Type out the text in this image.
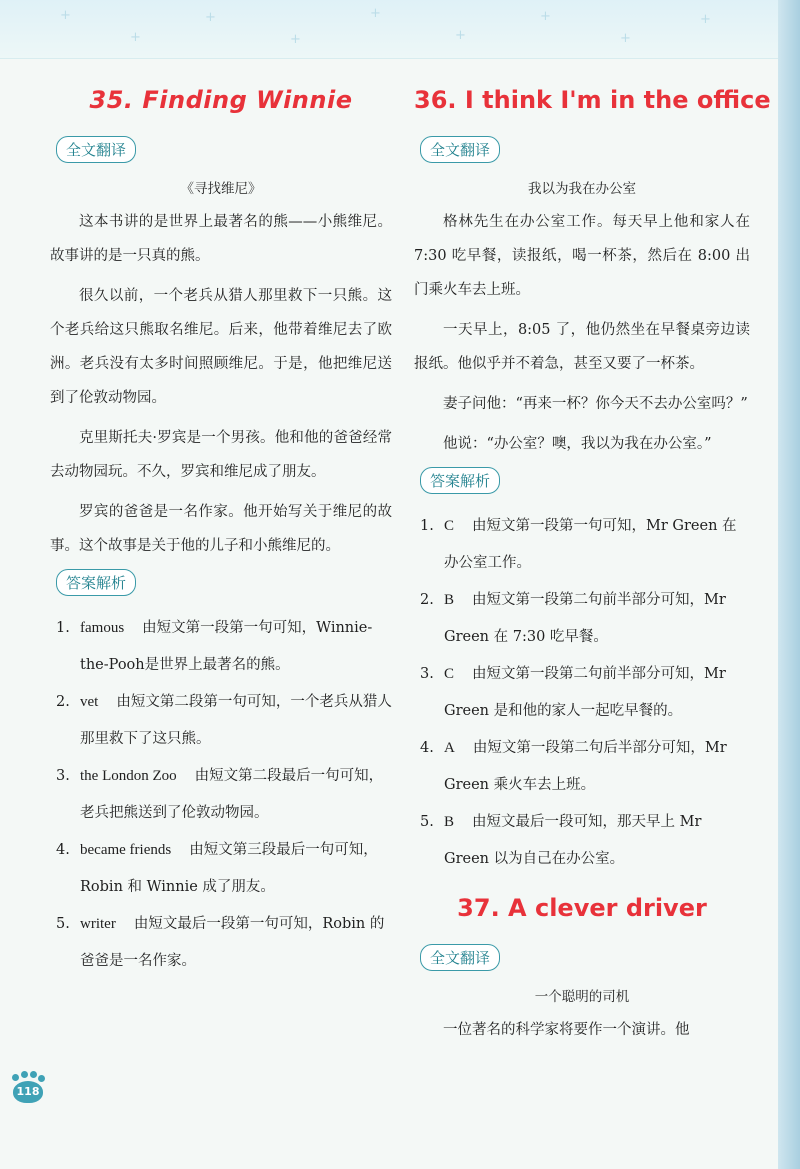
+
+
+
+
+
+
+
+
+
35. Finding Winnie
全文翻译
《寻找维尼》

这本书讲的是世界上最著名的熊——小熊维尼。故事讲的是一只真的熊。

很久以前，一个老兵从猎人那里救下一只熊。这个老兵给这只熊取名维尼。后来，他带着维尼去了欧洲。老兵没有太多时间照顾维尼。于是，他把维尼送到了伦敦动物园。

克里斯托夫·罗宾是一个男孩。他和他的爸爸经常去动物园玩。不久，罗宾和维尼成了朋友。

罗宾的爸爸是一名作家。他开始写关于维尼的故事。这个故事是关于他的儿子和小熊维尼的。

答案解析
1. famous 由短文第一段第一句可知，Winnie-the-Pooh是世界上最著名的熊。
2. vet 由短文第二段第一句可知，一个老兵从猎人那里救下了这只熊。
3. the London Zoo 由短文第二段最后一句可知，老兵把熊送到了伦敦动物园。
4. became friends 由短文第三段最后一句可知，Robin 和 Winnie 成了朋友。
5. writer 由短文最后一段第一句可知，Robin 的爸爸是一名作家。
36. I think I'm in the office
全文翻译
我以为我在办公室

格林先生在办公室工作。每天早上他和家人在 7:30 吃早餐，读报纸，喝一杯茶，然后在 8:00 出门乘火车去上班。

一天早上，8:05 了，他仍然坐在早餐桌旁边读报纸。他似乎并不着急，甚至又要了一杯茶。

妻子问他：“再来一杯？你今天不去办公室吗？”

他说：“办公室？噢，我以为我在办公室。”

答案解析
1. C 由短文第一段第一句可知，Mr Green 在办公室工作。
2. B 由短文第一段第二句前半部分可知，Mr Green 在 7:30 吃早餐。
3. C 由短文第一段第二句前半部分可知，Mr Green 是和他的家人一起吃早餐的。
4. A 由短文第一段第二句后半部分可知，Mr Green 乘火车去上班。
5. B 由短文最后一段可知，那天早上 Mr Green 以为自己在办公室。
37. A clever driver
全文翻译
一个聪明的司机

一位著名的科学家将要作一个演讲。他

118
